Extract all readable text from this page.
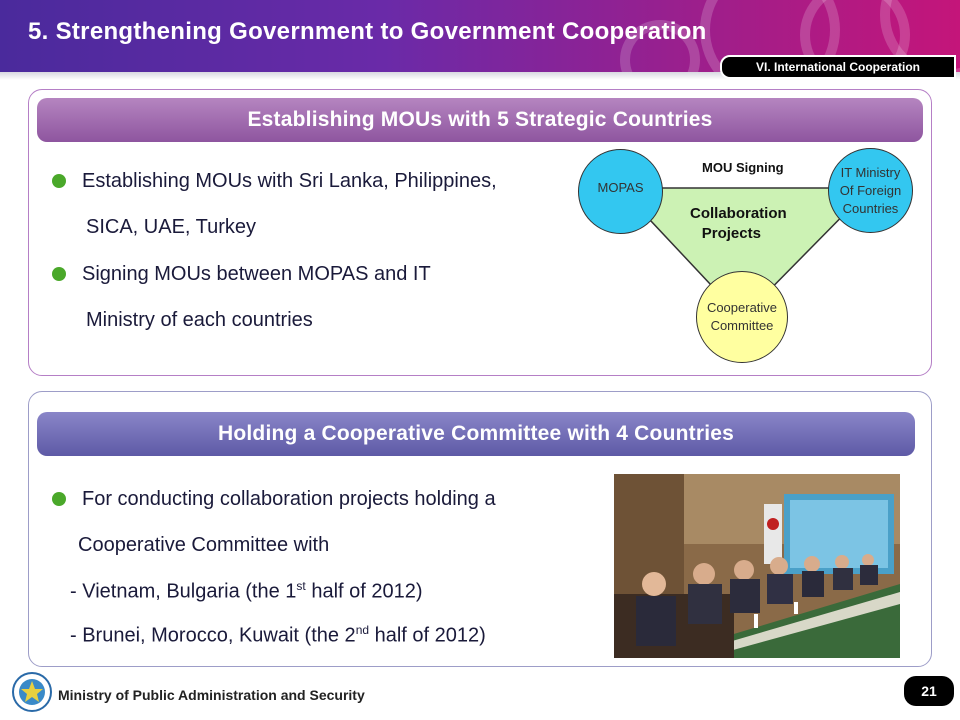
5. Strengthening Government to Government Cooperation
VI. International Cooperation
Establishing MOUs with 5 Strategic Countries
Establishing MOUs with Sri Lanka, Philippines,
SICA, UAE, Turkey
Signing MOUs between MOPAS and IT
Ministry of each countries
MOU Signing
Collaboration
Projects
MOPAS
IT Ministry
Of Foreign
Countries
Cooperative
Committee
Holding a Cooperative Committee with 4 Countries
For conducting collaboration projects holding a
Cooperative Committee with
- Vietnam, Bulgaria (the 1st half of 2012)
- Brunei, Morocco, Kuwait (the 2nd half of 2012)
Ministry of Public Administration and Security	21
